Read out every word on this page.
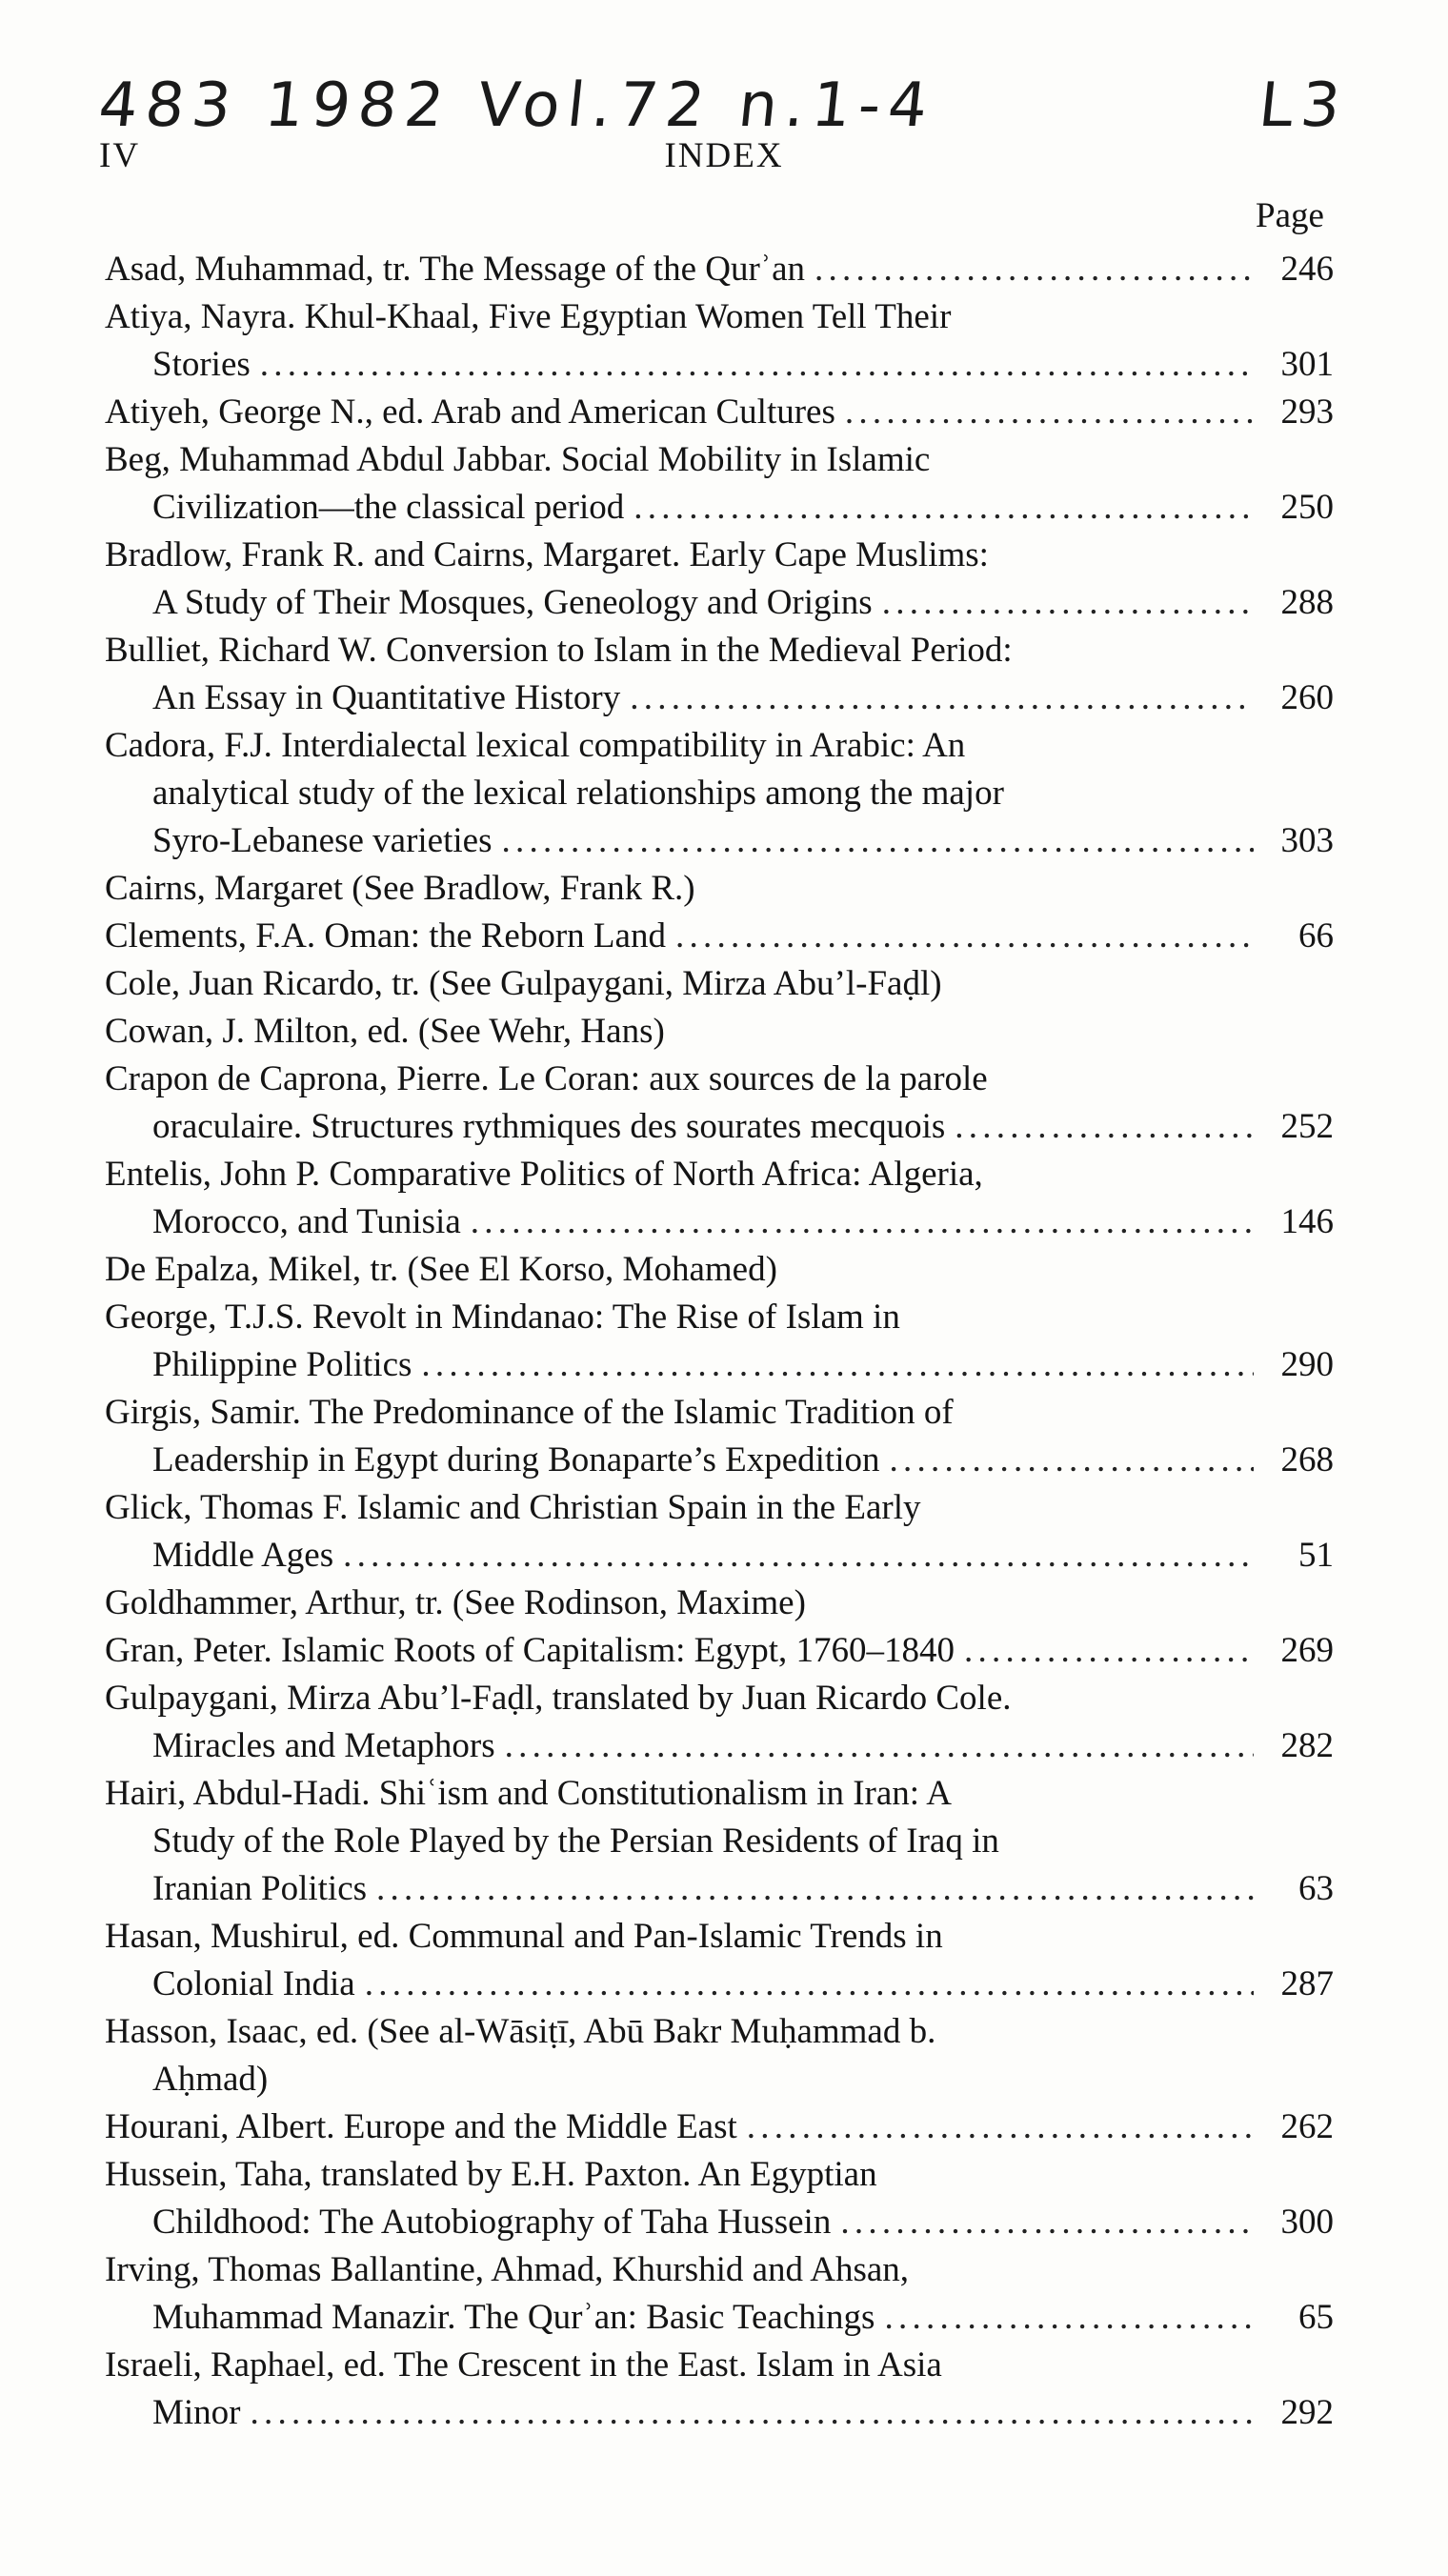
483 1982 Vol.72 n.1-4	L3
IV	INDEX
Page
Asad, Muhammad, tr. The Message of the Qurʾan . . .	246
Atiya, Nayra. Khul-Khaal, Five Egyptian Women Tell Their
Stories . . .	301
Atiyeh, George N., ed. Arab and American Cultures . . .	293
Beg, Muhammad Abdul Jabbar. Social Mobility in Islamic
Civilization—the classical period . . .	250
Bradlow, Frank R. and Cairns, Margaret. Early Cape Muslims:
A Study of Their Mosques, Geneology and Origins . . .	288
Bulliet, Richard W. Conversion to Islam in the Medieval Period:
An Essay in Quantitative History . . .	260
Cadora, F.J. Interdialectal lexical compatibility in Arabic: An
analytical study of the lexical relationships among the major
Syro-Lebanese varieties . . .	303
Cairns, Margaret (See Bradlow, Frank R.)
Clements, F.A. Oman: the Reborn Land . . .	66
Cole, Juan Ricardo, tr. (See Gulpaygani, Mirza Abu’l-Faḍl)
Cowan, J. Milton, ed. (See Wehr, Hans)
Crapon de Caprona, Pierre. Le Coran: aux sources de la parole
oraculaire. Structures rythmiques des sourates mecquois . . .	252
Entelis, John P. Comparative Politics of North Africa: Algeria,
Morocco, and Tunisia . . .	146
De Epalza, Mikel, tr. (See El Korso, Mohamed)
George, T.J.S. Revolt in Mindanao: The Rise of Islam in
Philippine Politics . . .	290
Girgis, Samir. The Predominance of the Islamic Tradition of
Leadership in Egypt during Bonaparte’s Expedition . . .	268
Glick, Thomas F. Islamic and Christian Spain in the Early
Middle Ages . . .	51
Goldhammer, Arthur, tr. (See Rodinson, Maxime)
Gran, Peter. Islamic Roots of Capitalism: Egypt, 1760–1840 . . .	269
Gulpaygani, Mirza Abu’l-Faḍl, translated by Juan Ricardo Cole.
Miracles and Metaphors . . .	282
Hairi, Abdul-Hadi. Shiʿism and Constitutionalism in Iran: A
Study of the Role Played by the Persian Residents of Iraq in
Iranian Politics . . .	63
Hasan, Mushirul, ed. Communal and Pan-Islamic Trends in
Colonial India . . .	287
Hasson, Isaac, ed. (See al-Wāsiṭī, Abū Bakr Muḥammad b.
Aḥmad)
Hourani, Albert. Europe and the Middle East . . .	262
Hussein, Taha, translated by E.H. Paxton. An Egyptian
Childhood: The Autobiography of Taha Hussein . . .	300
Irving, Thomas Ballantine, Ahmad, Khurshid and Ahsan,
Muhammad Manazir. The Qurʾan: Basic Teachings . . .	65
Israeli, Raphael, ed. The Crescent in the East. Islam in Asia
Minor . . .	292
